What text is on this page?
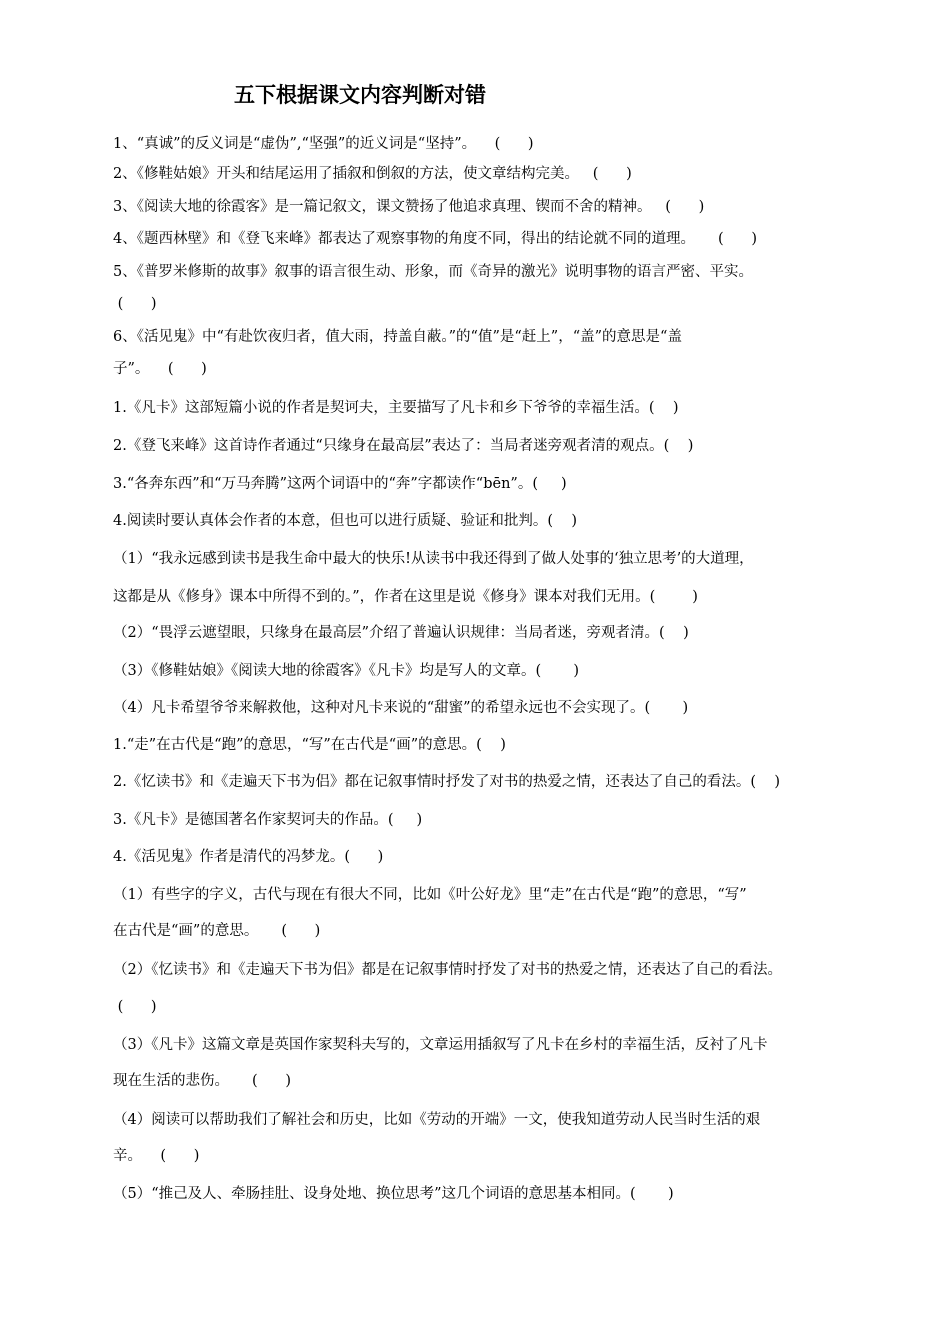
五下根据课文内容判断对错
1、“真诚”的反义词是“虚伪”,“坚强”的近义词是“坚持”。    (      )
2、《修鞋姑娘》开头和结尾运用了插叙和倒叙的方法，使文章结构完美。   (      )
3、《阅读大地的徐霞客》是一篇记叙文，课文赞扬了他追求真理、锲而不舍的精神。   (      )
4、《题西林壁》和《登飞来峰》都表达了观察事物的角度不同，得出的结论就不同的道理。     (      )
5、《普罗米修斯的故事》叙事的语言很生动、形象，而《奇异的激光》说明事物的语言严密、平实。
(      )
6、《活见鬼》中“有赴饮夜归者，值大雨，持盖自蔽。”的“值”是“赶上”，“盖”的意思是“盖
子”。    (      )
1.《凡卡》这部短篇小说的作者是契诃夫，主要描写了凡卡和乡下爷爷的幸福生活。(    )
2.《登飞来峰》这首诗作者通过“只缘身在最高层”表达了：当局者迷旁观者清的观点。(    )
3.“各奔东西”和“万马奔腾”这两个词语中的“奔”字都读作“bēn”。(     )
4.阅读时要认真体会作者的本意，但也可以进行质疑、验证和批判。(    )
（1）“我永远感到读书是我生命中最大的快乐!从读书中我还得到了做人处事的‘独立思考’的大道理，
这都是从《修身》课本中所得不到的。”，作者在这里是说《修身》课本对我们无用。(        )
（2）“畏浮云遮望眼，只缘身在最高层”介绍了普遍认识规律：当局者迷，旁观者清。(    )
（3）《修鞋姑娘》《阅读大地的徐霞客》《凡卡》均是写人的文章。(       )
（4）凡卡希望爷爷来解救他，这种对凡卡来说的“甜蜜”的希望永远也不会实现了。(       )
1.“走”在古代是“跑”的意思，“写”在古代是“画”的意思。(    )
2.《忆读书》和《走遍天下书为侣》都在记叙事情时抒发了对书的热爱之情，还表达了自己的看法。(    )
3.《凡卡》是德国著名作家契诃夫的作品。(     )
4.《活见鬼》作者是清代的冯梦龙。(      )
（1）有些字的字义，古代与现在有很大不同，比如《叶公好龙》里“走”在古代是“跑”的意思，“写”
在古代是“画”的意思。     (      )
（2）《忆读书》和《走遍天下书为侣》都是在记叙事情时抒发了对书的热爱之情，还表达了自己的看法。
(      )
（3）《凡卡》这篇文章是英国作家契科夫写的，文章运用插叙写了凡卡在乡村的幸福生活，反衬了凡卡
现在生活的悲伤。     (      )
（4）阅读可以帮助我们了解社会和历史，比如《劳动的开端》一文，使我知道劳动人民当时生活的艰
辛。    (      )
（5）“推己及人、牵肠挂肚、设身处地、换位思考”这几个词语的意思基本相同。(       )
